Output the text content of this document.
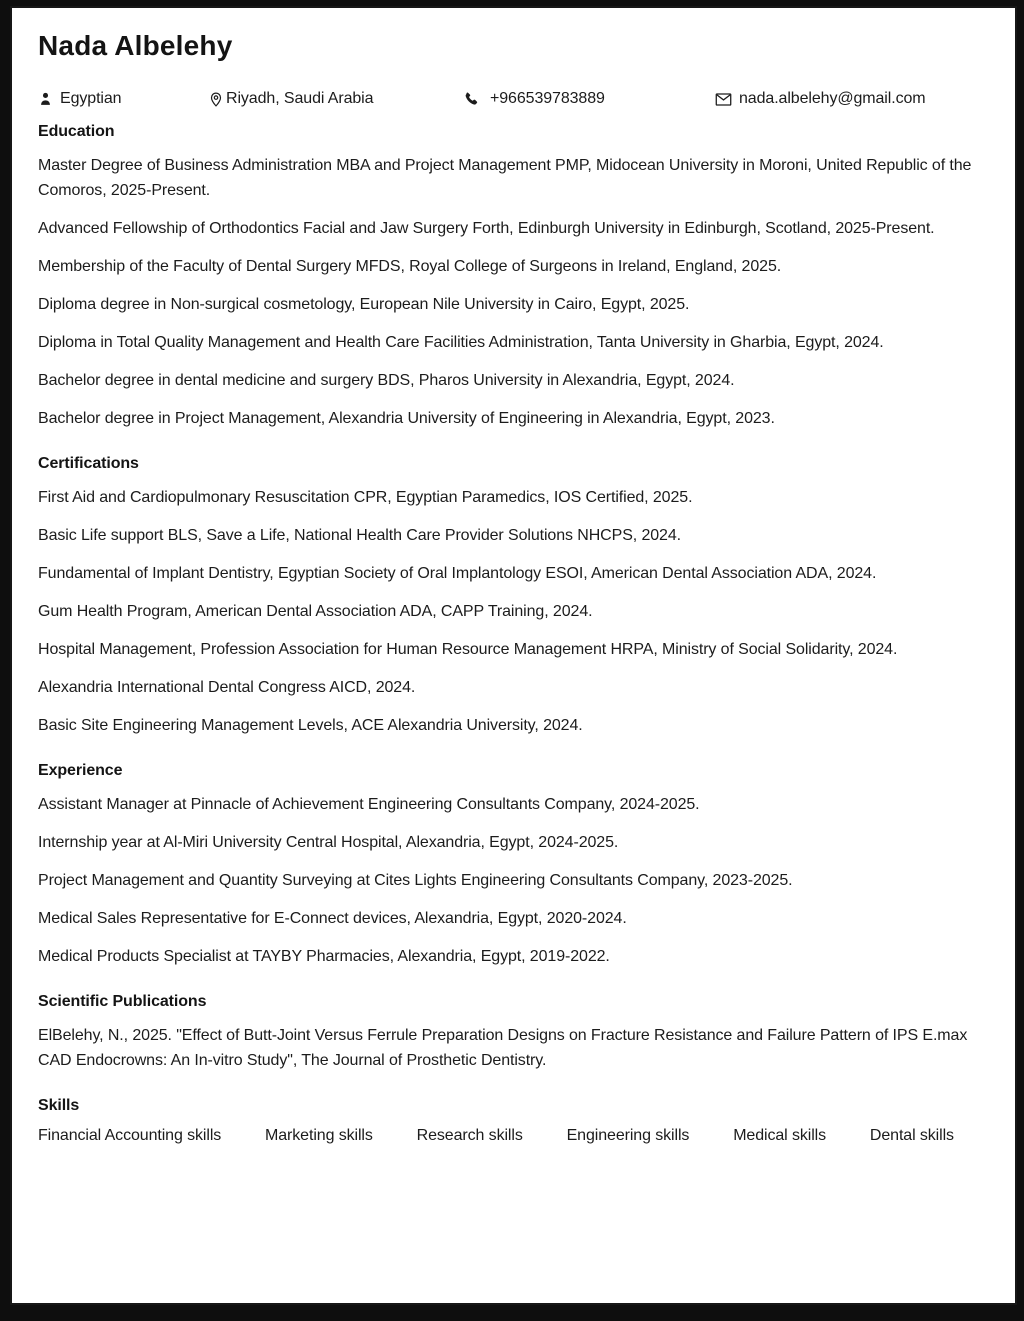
Nada Albelehy
Egyptian	Riyadh, Saudi Arabia	+966539783889	nada.albelehy@gmail.com
Education

Master Degree of Business Administration MBA and Project Management PMP, Midocean University in Moroni, United Republic of the Comoros, 2025-Present.

Advanced Fellowship of Orthodontics Facial and Jaw Surgery Forth, Edinburgh University in Edinburgh, Scotland, 2025-Present.

Membership of the Faculty of Dental Surgery MFDS, Royal College of Surgeons in Ireland, England, 2025.

Diploma degree in Non-surgical cosmetology, European Nile University in Cairo, Egypt, 2025.

Diploma in Total Quality Management and Health Care Facilities Administration, Tanta University in Gharbia, Egypt, 2024.

Bachelor degree in dental medicine and surgery BDS, Pharos University in Alexandria, Egypt, 2024.

Bachelor degree in Project Management, Alexandria University of Engineering in Alexandria, Egypt, 2023.

Certifications

First Aid and Cardiopulmonary Resuscitation CPR, Egyptian Paramedics, IOS Certified, 2025.

Basic Life support BLS, Save a Life, National Health Care Provider Solutions NHCPS, 2024.

Fundamental of Implant Dentistry, Egyptian Society of Oral Implantology ESOI, American Dental Association ADA, 2024.

Gum Health Program, American Dental Association ADA, CAPP Training, 2024.

Hospital Management, Profession Association for Human Resource Management HRPA, Ministry of Social Solidarity, 2024.

Alexandria International Dental Congress AICD, 2024.

Basic Site Engineering Management Levels, ACE Alexandria University, 2024.

Experience

Assistant Manager at Pinnacle of Achievement Engineering Consultants Company, 2024-2025.

Internship year at Al-Miri University Central Hospital, Alexandria, Egypt, 2024-2025.

Project Management and Quantity Surveying at Cites Lights Engineering Consultants Company, 2023-2025.

Medical Sales Representative for E-Connect devices, Alexandria, Egypt, 2020-2024.

Medical Products Specialist at TAYBY Pharmacies, Alexandria, Egypt, 2019-2022.

Scientific Publications

ElBelehy, N., 2025. "Effect of Butt-Joint Versus Ferrule Preparation Designs on Fracture Resistance and Failure Pattern of IPS E.max CAD Endocrowns: An In-vitro Study", The Journal of Prosthetic Dentistry.

Skills
Financial Accounting skills	Marketing skills	Research skills	Engineering skills	Medical skills	Dental skills
